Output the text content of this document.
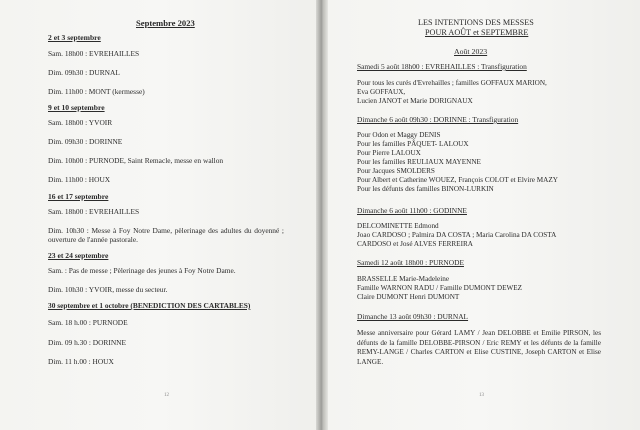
Septembre 2023
2 et 3 septembre
Sam. 18h00 : EVREHAILLES
Dim. 09h30 : DURNAL
Dim. 11h00 : MONT (kermesse)
9 et 10 septembre
Sam. 18h00 : YVOIR
Dim. 09h30 : DORINNE
Dim. 10h00 : PURNODE, Saint Remacle, messe en wallon
Dim. 11h00 : HOUX
16 et 17 septembre
Sam. 18h00 : EVREHAILLES
Dim. 10h30 : Messe à Foy Notre Dame, pèlerinage des adultes du doyenné ; ouverture de l'année pastorale.
23 et 24 septembre
Sam. : Pas de messe ; Pèlerinage des jeunes à Foy Notre Dame.
Dim. 10h30 : YVOIR, messe du secteur.
30 septembre et 1 octobre (BENEDICTION DES CARTABLES)
Sam. 18 h.00 : PURNODE
Dim. 09 h.30 : DORINNE
Dim. 11 h.00 : HOUX
12
LES INTENTIONS DES MESSES
POUR AOÛT et SEPTEMBRE
Août 2023
Samedi 5 août 18h00 : EVREHAILLES : Transfiguration
Pour tous les curés d'Evrehailles ; familles GOFFAUX MARION,
Eva GOFFAUX,
Lucien JANOT et Marie DORIGNAUX
Dimanche 6 août 09h30 : DORINNE : Transfiguration
Pour Odon et Maggy DENIS
Pour les familles PÂQUET- LALOUX
Pour Pierre LALOUX
Pour les familles REULIAUX MAYENNE
Pour Jacques SMOLDERS
Pour Albert et Catherine WOUEZ, François COLOT et Elvire MAZY
Pour les défunts des familles BINON-LURKIN
Dimanche 6 août 11h00 : GODINNE
DELCOMINETTE Edmond
Joao CARDOSO ; Palmira DA COSTA ; Maria Carolina DA COSTA
CARDOSO et José ALVES FERREIRA
Samedi 12 août 18h00 : PURNODE
BRASSELLE Marie-Madeleine
Famille WARNON RADU / Famille DUMONT DEWEZ
Claire DUMONT Henri DUMONT
Dimanche 13 août 09h30 : DURNAL
Messe anniversaire pour Gérard LAMY / Jean DELOBBE et Emilie PIRSON, les défunts de la famille DELOBBE-PIRSON / Eric REMY et les défunts de la famille REMY-LANGE / Charles CARTON et Elise CUSTINE, Joseph CARTON et Elise LANGE.
13
